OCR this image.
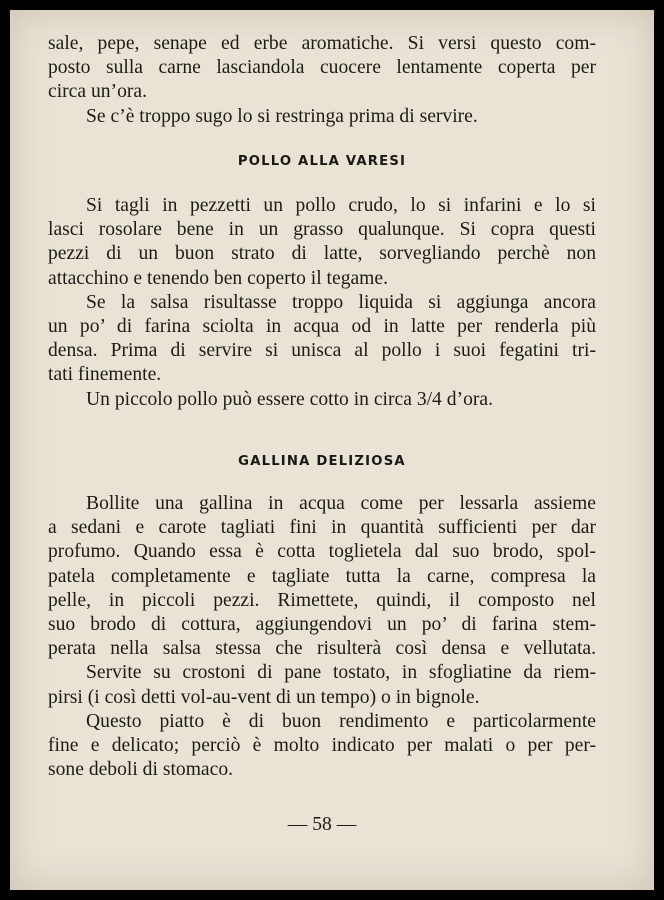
sale, pepe, senape ed erbe aromatiche. Si versi questo com-
posto sulla carne lasciandola cuocere lentamente coperta per
circa un’ora.

Se c’è troppo sugo lo si restringa prima di servire.

POLLO ALLA VARESI

Si tagli in pezzetti un pollo crudo, lo si infarini e lo si
lasci rosolare bene in un grasso qualunque. Si copra questi
pezzi di un buon strato di latte, sorvegliando perchè non
attacchino e tenendo ben coperto il tegame.

Se la salsa risultasse troppo liquida si aggiunga ancora
un po’ di farina sciolta in acqua od in latte per renderla più
densa. Prima di servire si unisca al pollo i suoi fegatini tri-
tati finemente.

Un piccolo pollo può essere cotto in circa 3/4 d’ora.

GALLINA DELIZIOSA

Bollite una gallina in acqua come per lessarla assieme
a sedani e carote tagliati fini in quantità sufficienti per dar
profumo. Quando essa è cotta toglietela dal suo brodo, spol-
patela completamente e tagliate tutta la carne, compresa la
pelle, in piccoli pezzi. Rimettete, quindi, il composto nel
suo brodo di cottura, aggiungendovi un po’ di farina stem-
perata nella salsa stessa che risulterà così densa e vellutata.

Servite su crostoni di pane tostato, in sfogliatine da riem-
pirsi (i così detti vol-au-vent di un tempo) o in bignole.

Questo piatto è di buon rendimento e particolarmente
fine e delicato; perciò è molto indicato per malati o per per-
sone deboli di stomaco.

— 58 —
